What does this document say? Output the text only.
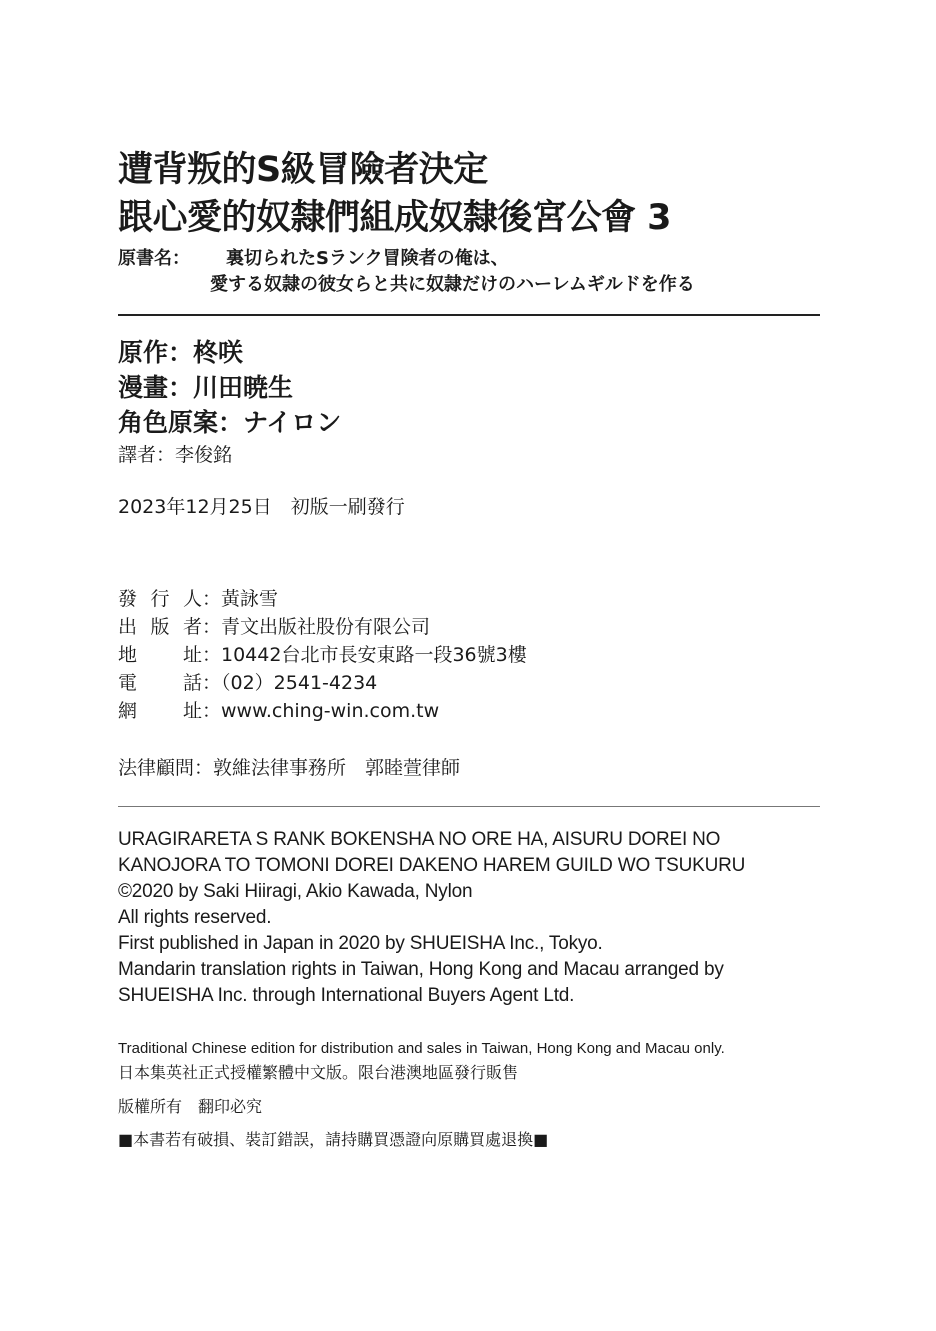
遭背叛的S級冒險者決定
跟心愛的奴隸們組成奴隸後宮公會 3
原書名： 裏切られたSランク冒険者の俺は、
愛する奴隷の彼女らと共に奴隷だけのハーレムギルドを作る
原作：柊咲
漫畫：川田暁生
角色原案：ナイロン
譯者：李俊銘
2023年12月25日　初版一刷發行
發行人：黃詠雪
出版者：青文出版社股份有限公司
地　址：10442台北市長安東路一段36號3樓
電　話：（02）2541-4234
網　址：www.ching-win.com.tw
法律顧問：敦維法律事務所　郭睦萱律師
URAGIRARETA S RANK BOKENSHA NO ORE HA, AISURU DOREI NO
KANOJORA TO TOMONI DOREI DAKENO HAREM GUILD WO TSUKURU
©2020 by Saki Hiiragi, Akio Kawada, Nylon
All rights reserved.
First published in Japan in 2020 by SHUEISHA Inc., Tokyo.
Mandarin translation rights in Taiwan, Hong Kong and Macau arranged by
SHUEISHA Inc. through International Buyers Agent Ltd.
Traditional Chinese edition for distribution and sales in Taiwan, Hong Kong and Macau only.
日本集英社正式授權繁體中文版。限台港澳地區發行販售
版權所有　翻印必究
■本書若有破損、裝訂錯誤，請持購買憑證向原購買處退換■
